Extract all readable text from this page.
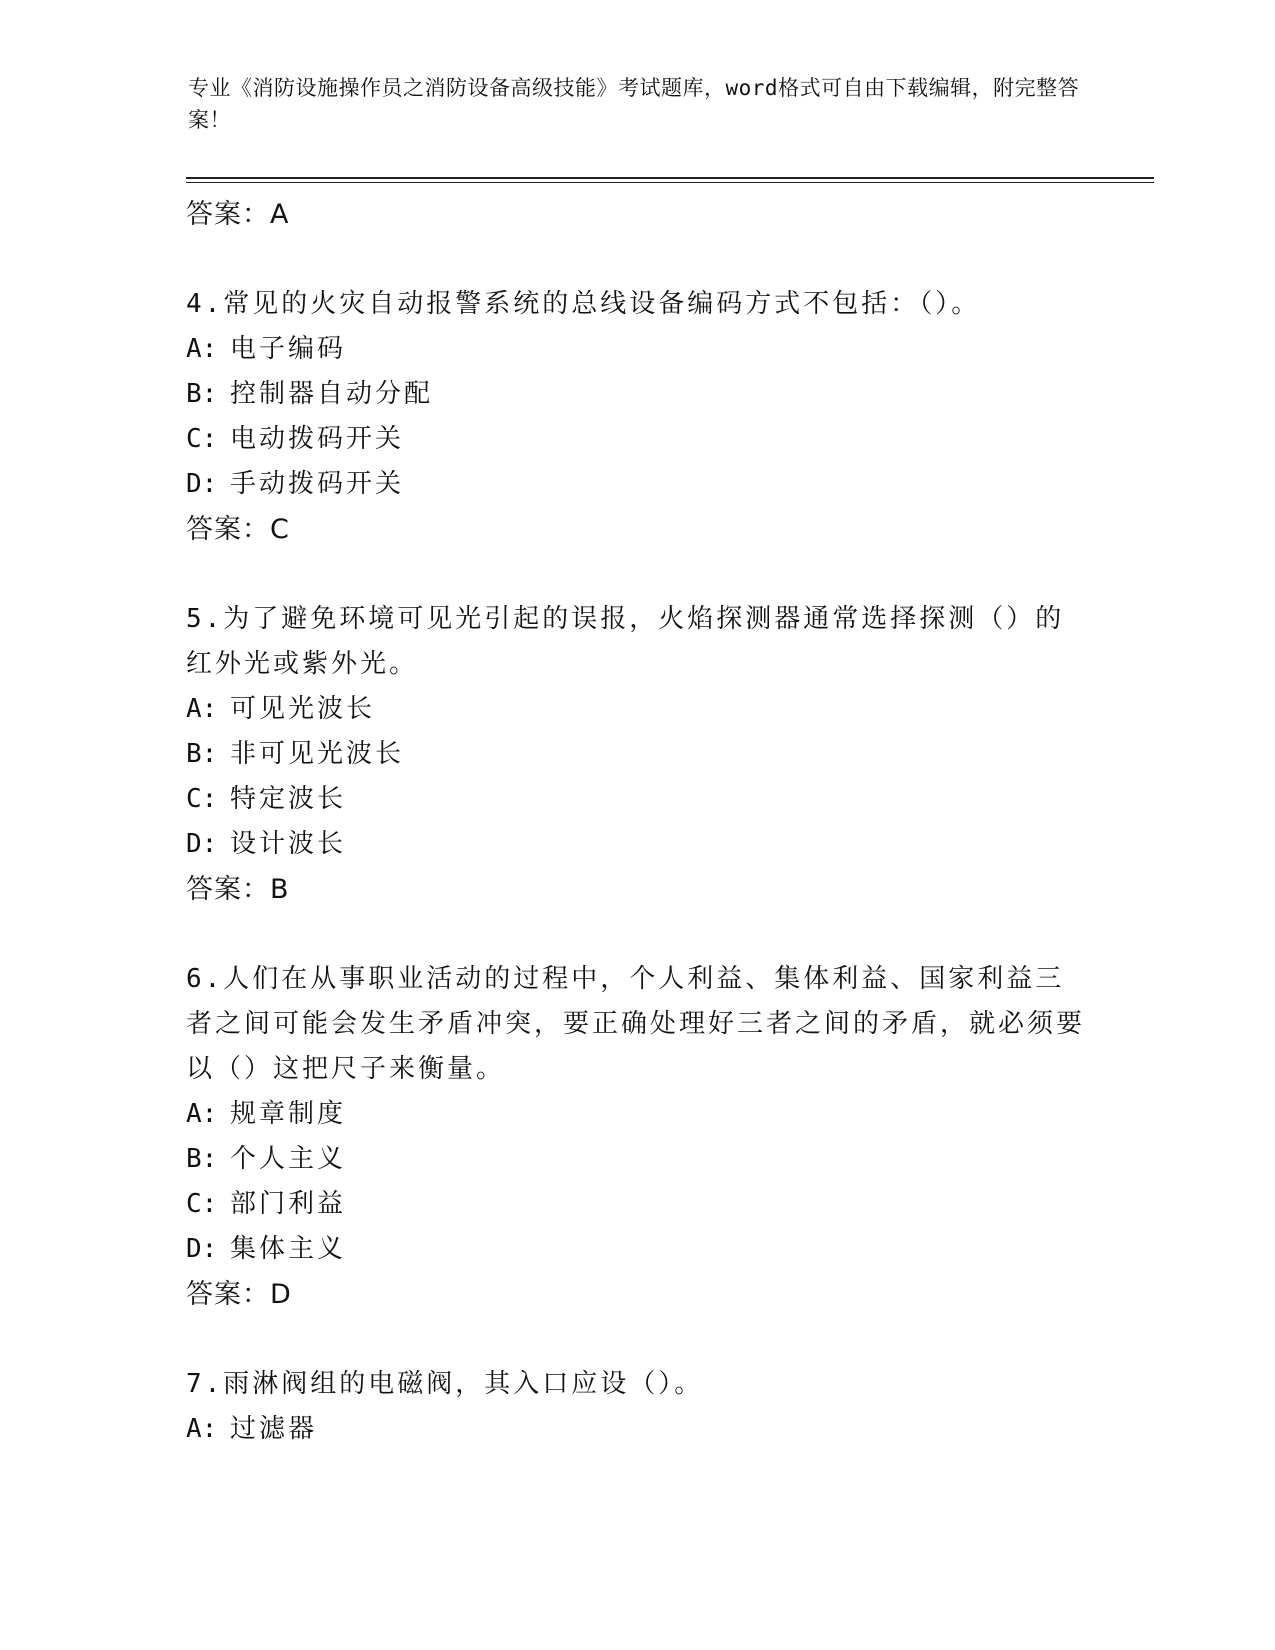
专业《消防设施操作员之消防设备高级技能》考试题库，word格式可自由下载编辑，附完整答案！

答案：A

4.常见的火灾自动报警系统的总线设备编码方式不包括：（）。

A: 电子编码

B: 控制器自动分配

C: 电动拨码开关

D: 手动拨码开关

答案：C

5.为了避免环境可见光引起的误报，火焰探测器通常选择探测（）的红外光或紫外光。

A: 可见光波长

B: 非可见光波长

C: 特定波长

D: 设计波长

答案：B

6.人们在从事职业活动的过程中，个人利益、集体利益、国家利益三者之间可能会发生矛盾冲突，要正确处理好三者之间的矛盾，就必须要以（）这把尺子来衡量。

A: 规章制度

B: 个人主义

C: 部门利益

D: 集体主义

答案：D

7.雨淋阀组的电磁阀，其入口应设（）。

A: 过滤器
